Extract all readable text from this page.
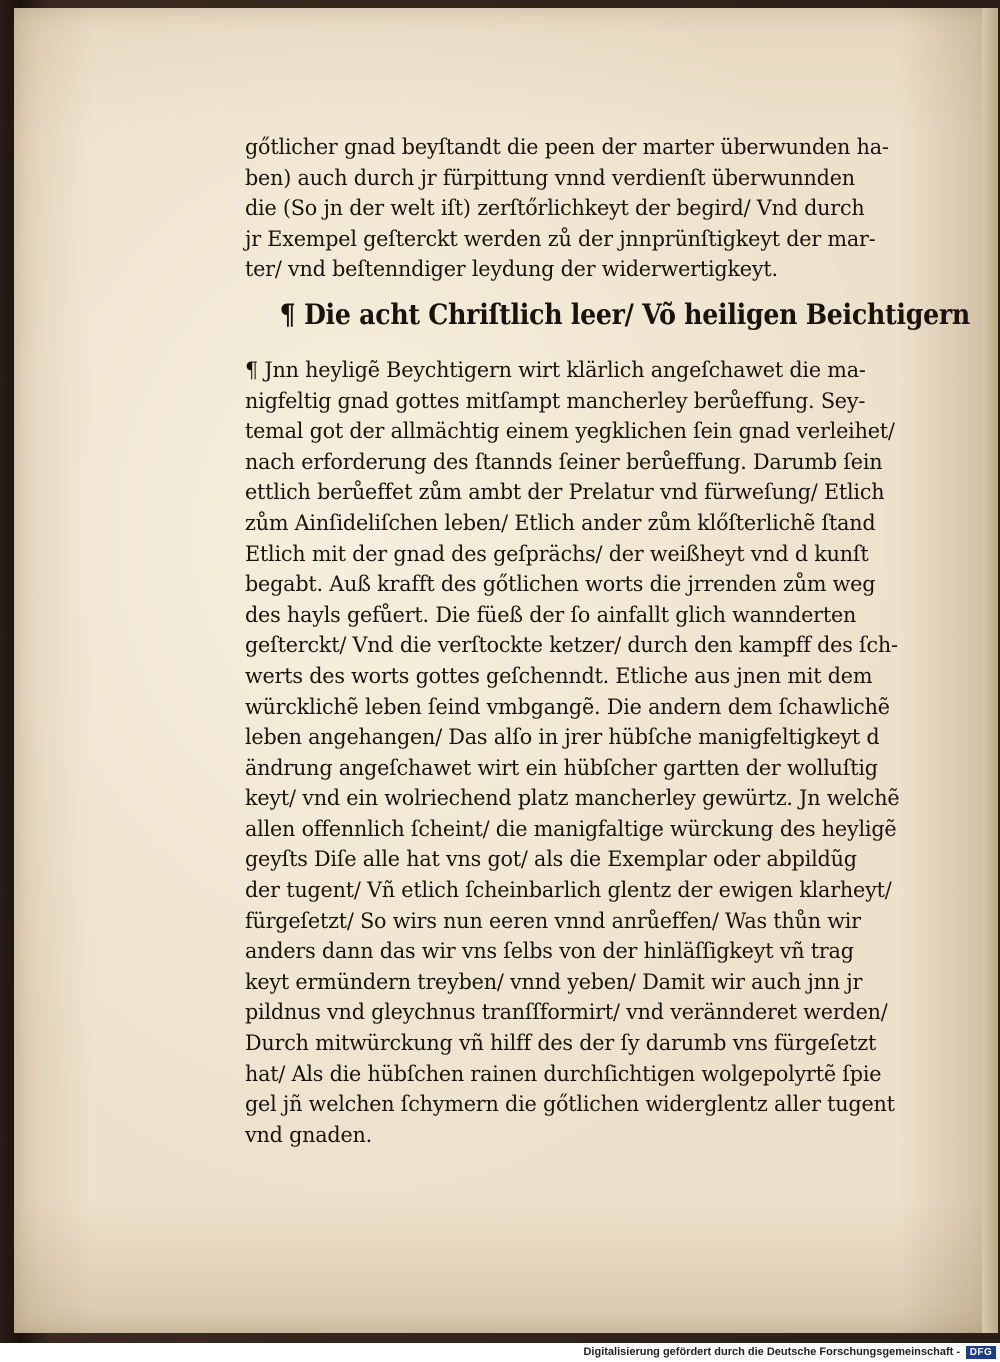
gőtlicher gnad beyſtandt die peen der marter überwunden ha-
ben) auch durch jr fürpittung vnnd verdienſt überwunnden
die (So jn der welt iſt) zerſtőrlichkeyt der begird/ Vnd durch
jr Exempel geſterckt werden zů der jnnprünſtigkeyt der mar-
ter/ vnd beſtenndiger leydung der widerwertigkeyt.
¶ Die acht Chriſtlich leer/ Võ heiligen Beichtigern
¶ Jnn heyligẽ Beychtigern wirt klärlich angeſchawet die ma-
nigfeltig gnad gottes mitſampt mancherley berůeffung. Sey-
temal got der allmächtig einem yegklichen ſein gnad verleihet/
nach erforderung des ſtannds ſeiner berůeffung. Darumb ſein
ettlich berůeffet zům ambt der Prelatur vnd fürweſung/ Etlich
zům Ainſideliſchen leben/ Etlich ander zům klőſterlichẽ ſtand
Etlich mit der gnad des geſprächs/ der weißheyt vnd d kunſt
begabt. Auß krafft des gőtlichen worts die jrrenden zům weg
des hayls gefůert. Die füeß der ſo ainfallt glich wannderten
geſterckt/ Vnd die verſtockte ketzer/ durch den kampff des ſch-
werts des worts gottes geſchenndt. Etliche aus jnen mit dem
würcklichẽ leben ſeind vmbgangẽ. Die andern dem ſchawlichẽ
leben angehangen/ Das alſo in jrer hübſche manigfeltigkeyt d
ändrung angeſchawet wirt ein hübſcher gartten der wolluſtig
keyt/ vnd ein wolriechend platz mancherley gewürtz. Jn welchẽ
allen offennlich ſcheint/ die manigfaltige würckung des heyligẽ
geyſts Diſe alle hat vns got/ als die Exemplar oder abpildũg
der tugent/ Vñ etlich ſcheinbarlich glentz der ewigen klarheyt/
fürgeſetzt/ So wirs nun eeren vnnd anrůeffen/ Was thůn wir
anders dann das wir vns ſelbs von der hinläſſigkeyt vñ trag
keyt ermündern treyben/ vnnd yeben/ Damit wir auch jnn jr
pildnus vnd gleychnus tranſſformirt/ vnd verännderet werden/
Durch mitwürckung vñ hilff des der ſy darumb vns fürgeſetzt
hat/ Als die hübſchen rainen durchſichtigen wolgepolyrtẽ ſpie
gel jñ welchen ſchymern die gőtlichen widerglentz aller tugent
vnd gnaden.
Digitalisierung gefördert durch die Deutsche Forschungsgemeinschaft - DFG
